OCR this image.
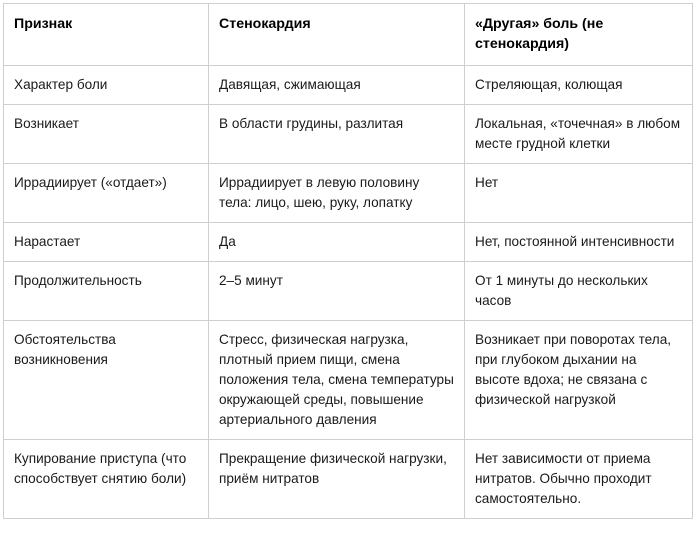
Признак	Стенокардия	«Другая» боль (не стенокардия)
Характер боли	Давящая, сжимающая	Стреляющая, колющая
Возникает	В области грудины, разлитая	Локальная, «точечная» в любом месте грудной клетки
Иррадиирует («отдает»)	Иррадиирует в левую половину тела: лицо, шею, руку, лопатку	Нет
Нарастает	Да	Нет, постоянной интенсивности
Продолжительность	2–5 минут	От 1 минуты до нескольких часов
Обстоятельства возникновения	Стресс, физическая нагрузка, плотный прием пищи, смена положения тела, смена температуры окружающей среды, повышение артериального давления	Возникает при поворотах тела, при глубоком дыхании на высоте вдоха; не связана с физической нагрузкой
Купирование приступа (что способствует снятию боли)	Прекращение физической нагрузки, приём нитратов	Нет зависимости от приема нитратов. Обычно проходит самостоятельно.
